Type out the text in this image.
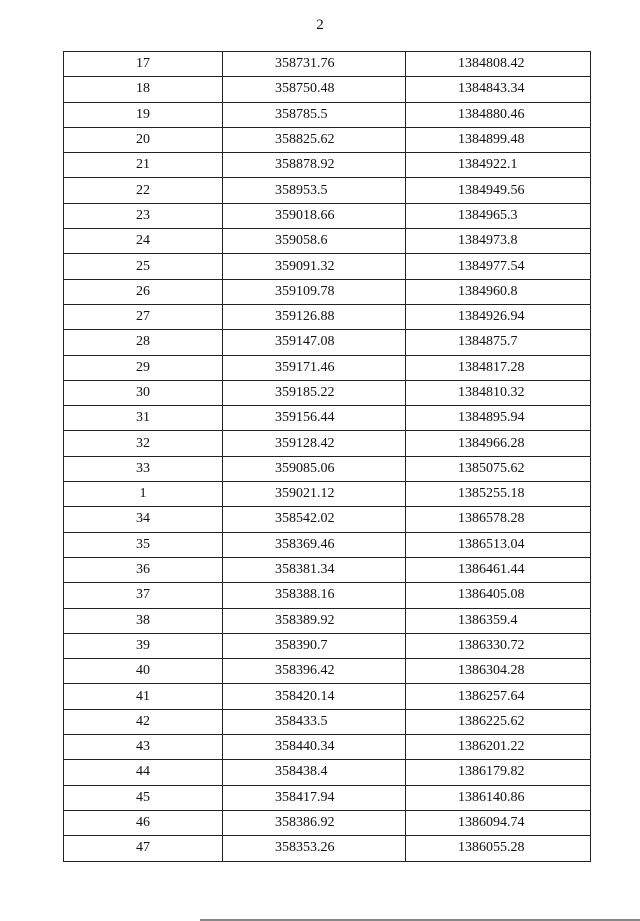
2
17	358731.76	1384808.42
18	358750.48	1384843.34
19	358785.5	1384880.46
20	358825.62	1384899.48
21	358878.92	1384922.1
22	358953.5	1384949.56
23	359018.66	1384965.3
24	359058.6	1384973.8
25	359091.32	1384977.54
26	359109.78	1384960.8
27	359126.88	1384926.94
28	359147.08	1384875.7
29	359171.46	1384817.28
30	359185.22	1384810.32
31	359156.44	1384895.94
32	359128.42	1384966.28
33	359085.06	1385075.62
1	359021.12	1385255.18
34	358542.02	1386578.28
35	358369.46	1386513.04
36	358381.34	1386461.44
37	358388.16	1386405.08
38	358389.92	1386359.4
39	358390.7	1386330.72
40	358396.42	1386304.28
41	358420.14	1386257.64
42	358433.5	1386225.62
43	358440.34	1386201.22
44	358438.4	1386179.82
45	358417.94	1386140.86
46	358386.92	1386094.74
47	358353.26	1386055.28
